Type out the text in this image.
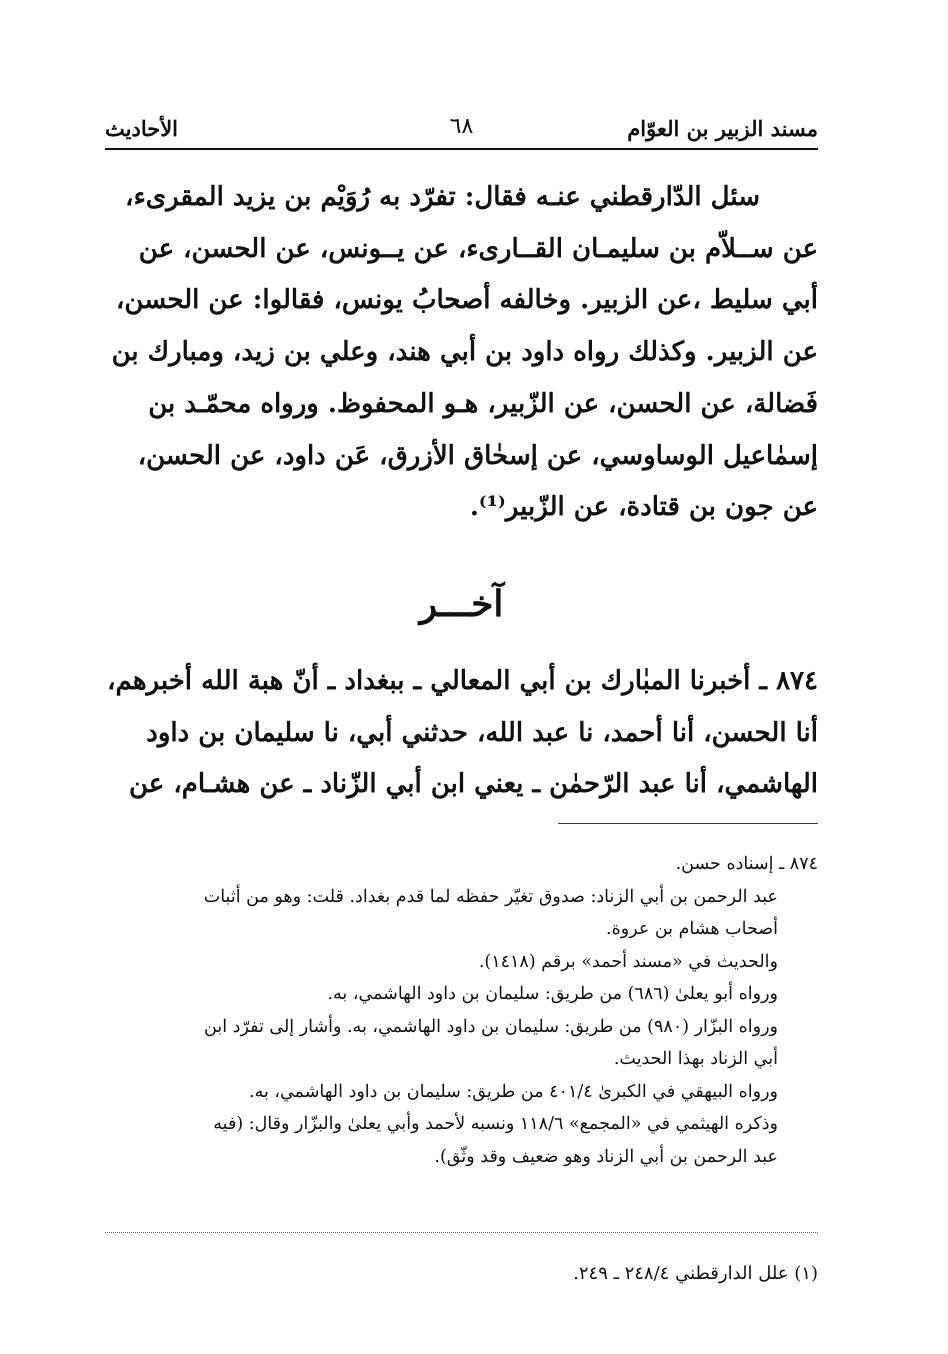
مسند الزبير بن العوّام
٦٨
الأحاديث

سئل الدّارقطني عنـه فقال: تفرّد به رُوَيْم بن يزيد المقرىء،

عن ســلاّم بن سليمـان القــارىء، عن يــونس، عن الحسن، عن

أبي سليط ،عن الزبير. وخالفه أصحابُ يونس، فقالوا: عن الحسن،

عن الزبير. وكذلك رواه داود بن أبي هند، وعلي بن زيد، ومبارك بن

فَضالة، عن الحسن، عن الزّبير، هـو المحفوظ. ورواه محمّـد بن

إسمٰاعيل الوساوسي، عن إسحٰاق الأزرق، عَن داود، عن الحسن،

عن جون بن قتادة، عن الزّبير⁽¹⁾.

آخـــر

٨٧٤ ـ أخبرنا المبٰارك بن أبي المعالي ـ ببغداد ـ أنّ هبة الله أخبرهم،

أنا الحسن، أنا أحمد، نا عبد الله، حدثني أبي، نا سليمان بن داود

الهاشمي، أنا عبد الرّحمٰن ـ يعني ابن أبي الزّناد ـ عن هشـام، عن

٨٧٤ ـ إسناده حسن.

عبد الرحمن بن أبي الزناد: صدوق تغيّر حفظه لما قدم بغداد. قلت: وهو من أثبات

أصحاب هشام بن عروة.

والحديث في «مسند أحمد» برقم (١٤١٨).

ورواه أبو يعلىٰ (٦٨٦) من طريق: سليمان بن داود الهاشمي، به.

ورواه البزّار (٩٨٠) من طريق: سليمان بن داود الهاشمي، به. وأشار إلى تفرّد ابن

أبي الزناد بهذا الحديث.

ورواه البيهقي في الكبرىٰ ٤٠١/٤ من طريق: سليمان بن داود الهاشمي، به.

وذكره الهيثمي في «المجمع» ١١٨/٦ ونسبه لأحمد وأبي يعلىٰ والبزّار وقال: (فيه

عبد الرحمن بن أبي الزناد وهو ضعيف وقد وثّق).

(١) علل الدارقطني ٢٤٨/٤ ـ ٢٤٩.
